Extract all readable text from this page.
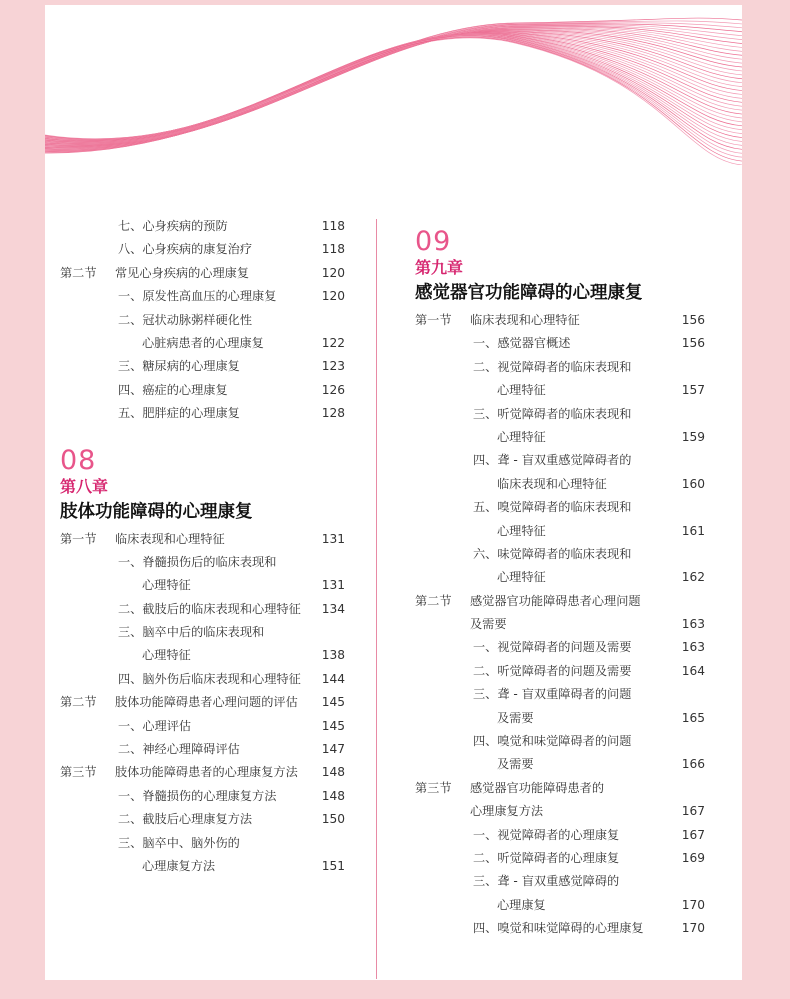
七、心身疾病的预防	118
八、心身疾病的康复治疗	118
第二节 常见心身疾病的心理康复	120
一、原发性高血压的心理康复	120
二、冠状动脉粥样硬化性
心脏病患者的心理康复	122
三、糖尿病的心理康复	123
四、癌症的心理康复	126
五、肥胖症的心理康复	128
08
第八章
肢体功能障碍的心理康复
第一节 临床表现和心理特征	131
一、脊髓损伤后的临床表现和
心理特征	131
二、截肢后的临床表现和心理特征 134
三、脑卒中后的临床表现和
心理特征	138
四、脑外伤后临床表现和心理特征 144
第二节 肢体功能障碍患者心理问题的评估 145
一、心理评估	145
二、神经心理障碍评估	147
第三节 肢体功能障碍患者的心理康复方法 148
一、脊髓损伤的心理康复方法	148
二、截肢后心理康复方法	150
三、脑卒中、脑外伤的
心理康复方法	151
09
第九章
感觉器官功能障碍的心理康复
第一节 临床表现和心理特征	156
一、感觉器官概述	156
二、视觉障碍者的临床表现和
心理特征	157
三、听觉障碍者的临床表现和
心理特征	159
四、聋 - 盲双重感觉障碍者的
临床表现和心理特征	160
五、嗅觉障碍者的临床表现和
心理特征	161
六、味觉障碍者的临床表现和
心理特征	162
第二节 感觉器官功能障碍患者心理问题
及需要	163
一、视觉障碍者的问题及需要	163
二、听觉障碍者的问题及需要	164
三、聋 - 盲双重障碍者的问题
及需要	165
四、嗅觉和味觉障碍者的问题
及需要	166
第三节 感觉器官功能障碍患者的
心理康复方法	167
一、视觉障碍者的心理康复	167
二、听觉障碍者的心理康复	169
三、聋 - 盲双重感觉障碍的
心理康复	170
四、嗅觉和味觉障碍的心理康复	170
